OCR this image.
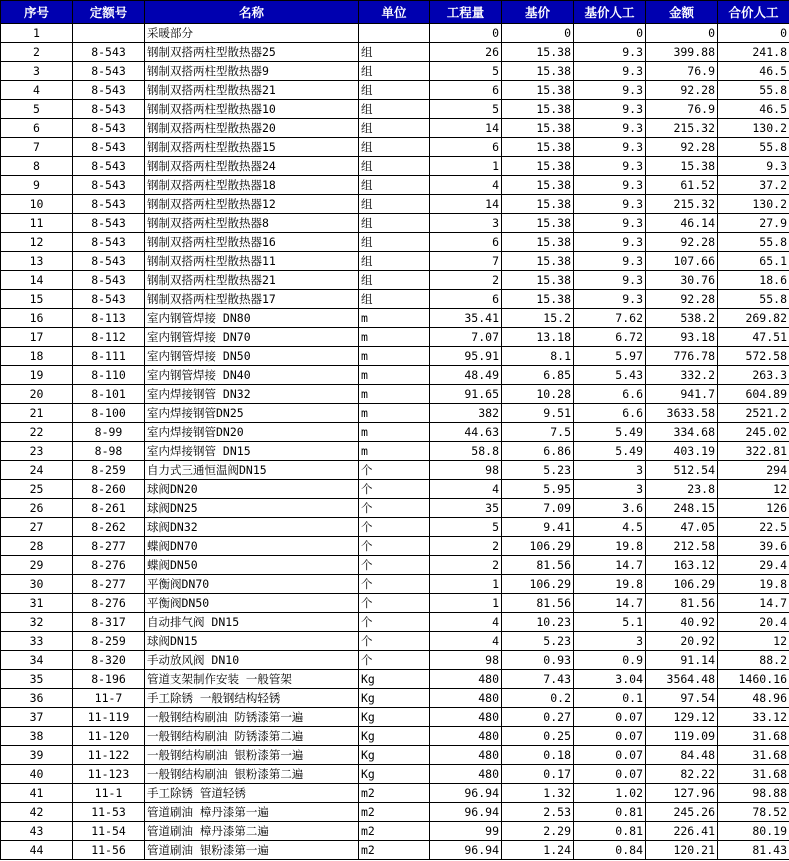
序号	定额号	名称	单位	工程量	基价	基价人工	金额	合价人工
1		采暖部分		0	0	0	0	0
2	8-543	钢制双搭两柱型散热器25	组	26	15.38	9.3	399.88	241.8
3	8-543	钢制双搭两柱型散热器9	组	5	15.38	9.3	76.9	46.5
4	8-543	钢制双搭两柱型散热器21	组	6	15.38	9.3	92.28	55.8
5	8-543	钢制双搭两柱型散热器10	组	5	15.38	9.3	76.9	46.5
6	8-543	钢制双搭两柱型散热器20	组	14	15.38	9.3	215.32	130.2
7	8-543	钢制双搭两柱型散热器15	组	6	15.38	9.3	92.28	55.8
8	8-543	钢制双搭两柱型散热器24	组	1	15.38	9.3	15.38	9.3
9	8-543	钢制双搭两柱型散热器18	组	4	15.38	9.3	61.52	37.2
10	8-543	钢制双搭两柱型散热器12	组	14	15.38	9.3	215.32	130.2
11	8-543	钢制双搭两柱型散热器8	组	3	15.38	9.3	46.14	27.9
12	8-543	钢制双搭两柱型散热器16	组	6	15.38	9.3	92.28	55.8
13	8-543	钢制双搭两柱型散热器11	组	7	15.38	9.3	107.66	65.1
14	8-543	钢制双搭两柱型散热器21	组	2	15.38	9.3	30.76	18.6
15	8-543	钢制双搭两柱型散热器17	组	6	15.38	9.3	92.28	55.8
16	8-113	室内钢管焊接 DN80	m	35.41	15.2	7.62	538.2	269.82
17	8-112	室内钢管焊接 DN70	m	7.07	13.18	6.72	93.18	47.51
18	8-111	室内钢管焊接 DN50	m	95.91	8.1	5.97	776.78	572.58
19	8-110	室内钢管焊接 DN40	m	48.49	6.85	5.43	332.2	263.3
20	8-101	室内焊接钢管 DN32	m	91.65	10.28	6.6	941.7	604.89
21	8-100	室内焊接钢管DN25	m	382	9.51	6.6	3633.58	2521.2
22	8-99	室内焊接钢管DN20	m	44.63	7.5	5.49	334.68	245.02
23	8-98	室内焊接钢管 DN15	m	58.8	6.86	5.49	403.19	322.81
24	8-259	自力式三通恒温阀DN15	个	98	5.23	3	512.54	294
25	8-260	球阀DN20	个	4	5.95	3	23.8	12
26	8-261	球阀DN25	个	35	7.09	3.6	248.15	126
27	8-262	球阀DN32	个	5	9.41	4.5	47.05	22.5
28	8-277	蝶阀DN70	个	2	106.29	19.8	212.58	39.6
29	8-276	蝶阀DN50	个	2	81.56	14.7	163.12	29.4
30	8-277	平衡阀DN70	个	1	106.29	19.8	106.29	19.8
31	8-276	平衡阀DN50	个	1	81.56	14.7	81.56	14.7
32	8-317	自动排气阀 DN15	个	4	10.23	5.1	40.92	20.4
33	8-259	球阀DN15	个	4	5.23	3	20.92	12
34	8-320	手动放风阀 DN10	个	98	0.93	0.9	91.14	88.2
35	8-196	管道支架制作安装 一般管架	Kg	480	7.43	3.04	3564.48	1460.16
36	11-7	手工除锈 一般钢结构轻锈	Kg	480	0.2	0.1	97.54	48.96
37	11-119	一般钢结构刷油 防锈漆第一遍	Kg	480	0.27	0.07	129.12	33.12
38	11-120	一般钢结构刷油 防锈漆第二遍	Kg	480	0.25	0.07	119.09	31.68
39	11-122	一般钢结构刷油 银粉漆第一遍	Kg	480	0.18	0.07	84.48	31.68
40	11-123	一般钢结构刷油 银粉漆第二遍	Kg	480	0.17	0.07	82.22	31.68
41	11-1	手工除锈 管道轻锈	m2	96.94	1.32	1.02	127.96	98.88
42	11-53	管道刷油 樟丹漆第一遍	m2	96.94	2.53	0.81	245.26	78.52
43	11-54	管道刷油 樟丹漆第二遍	m2	99	2.29	0.81	226.41	80.19
44	11-56	管道刷油 银粉漆第一遍	m2	96.94	1.24	0.84	120.21	81.43
